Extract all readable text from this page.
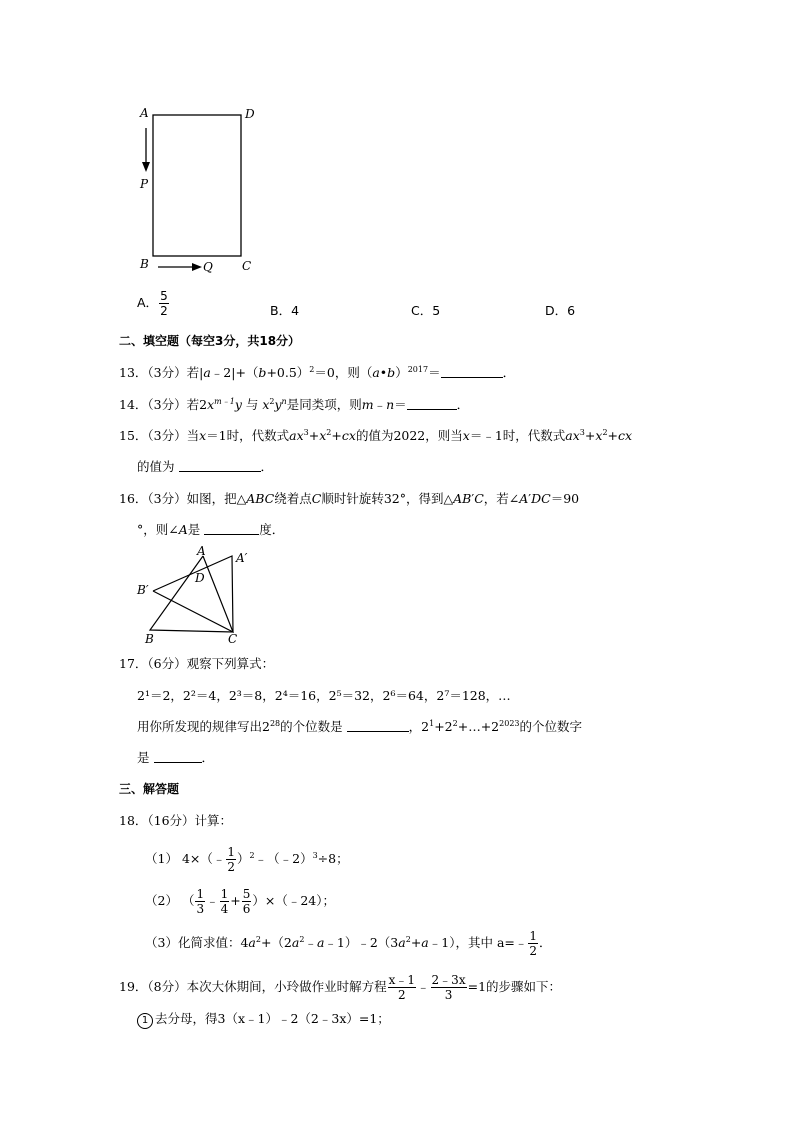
A	D
P
B	C
Q
A． $\frac{5}{2}$	B．4	C．5	D．6
二、填空题（每空3分，共18分）
13．（3分）若$|a﹣2|+(b+0.5)^2=0$，则（a•b）$^{2017}$＝	．
14．（3分）若$2x^{m﹣1}y$ 与 $x^2y^n$是同类项，则m﹣n＝	．
15．（3分）当x＝1时，代数式$ax^3+x^2+cx$的值为2022，则当x＝﹣1时，代数式$ax^3+x^2+cx$
的值为	．
16．（3分）如图，把△ABC绕着点C顺时针旋转32°，得到△AB′C，若∠A′DC＝90
°，则∠A是	度．
A	A′
B′
D
B	C
17．（6分）观察下列算式：
2¹＝2，2²＝4，2³＝8，2⁴＝16，2⁵＝32，2⁶＝64，2⁷＝128，…
用你所发现的规律写出$2^{28}$的个位数是	，$2^1+2^2+\dots+2^{2023}$的个位数字
是	．
三、解答题
18．（16分）计算：
（1） 4×（﹣ $\frac{1}{2}$ ）$^2$﹣（﹣2）$^3$÷8；
（2） （ $\frac{1}{3}$ ﹣ $\frac{1}{4} + \frac{5}{6}$ ）×（﹣24）；
（3）化简求值：$4a^2+(2a^2﹣a﹣1)﹣2(3a^2+a﹣1)$，其中 a=﹣ $\frac{1}{2}$ ．
19．（8分）本次大休期间，小玲做作业时解方程 $\frac{x﹣1}{2}$ ﹣ $\frac{2﹣3x}{3} =1$的步骤如下：
1 去分母，得3（x﹣1）﹣2（2﹣3x）=1；
